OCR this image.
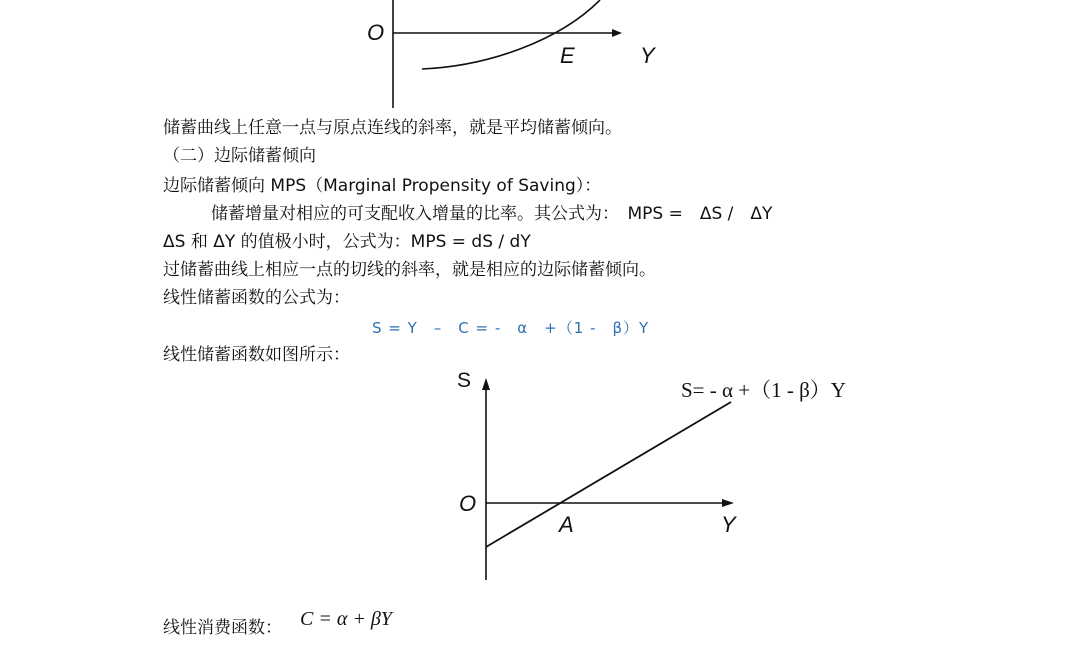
O
E	Y
S
O
A	Y
S= - α +（1 - β）Y
储蓄曲线上任意一点与原点连线的斜率，就是平均储蓄倾向。
（二）边际储蓄倾向
边际储蓄倾向 MPS（Marginal Propensity of Saving）：
储蓄增量对相应的可支配收入增量的比率。其公式为：　MPS =　ΔS /　ΔY
ΔS 和 ΔY 的值极小时，公式为：MPS = dS / dY
过储蓄曲线上相应一点的切线的斜率，就是相应的边际储蓄倾向。
线性储蓄函数的公式为：
S = Y　–　C = -　α　+（1 -　β）Y
线性储蓄函数如图所示：
线性消费函数： C = α + βY
